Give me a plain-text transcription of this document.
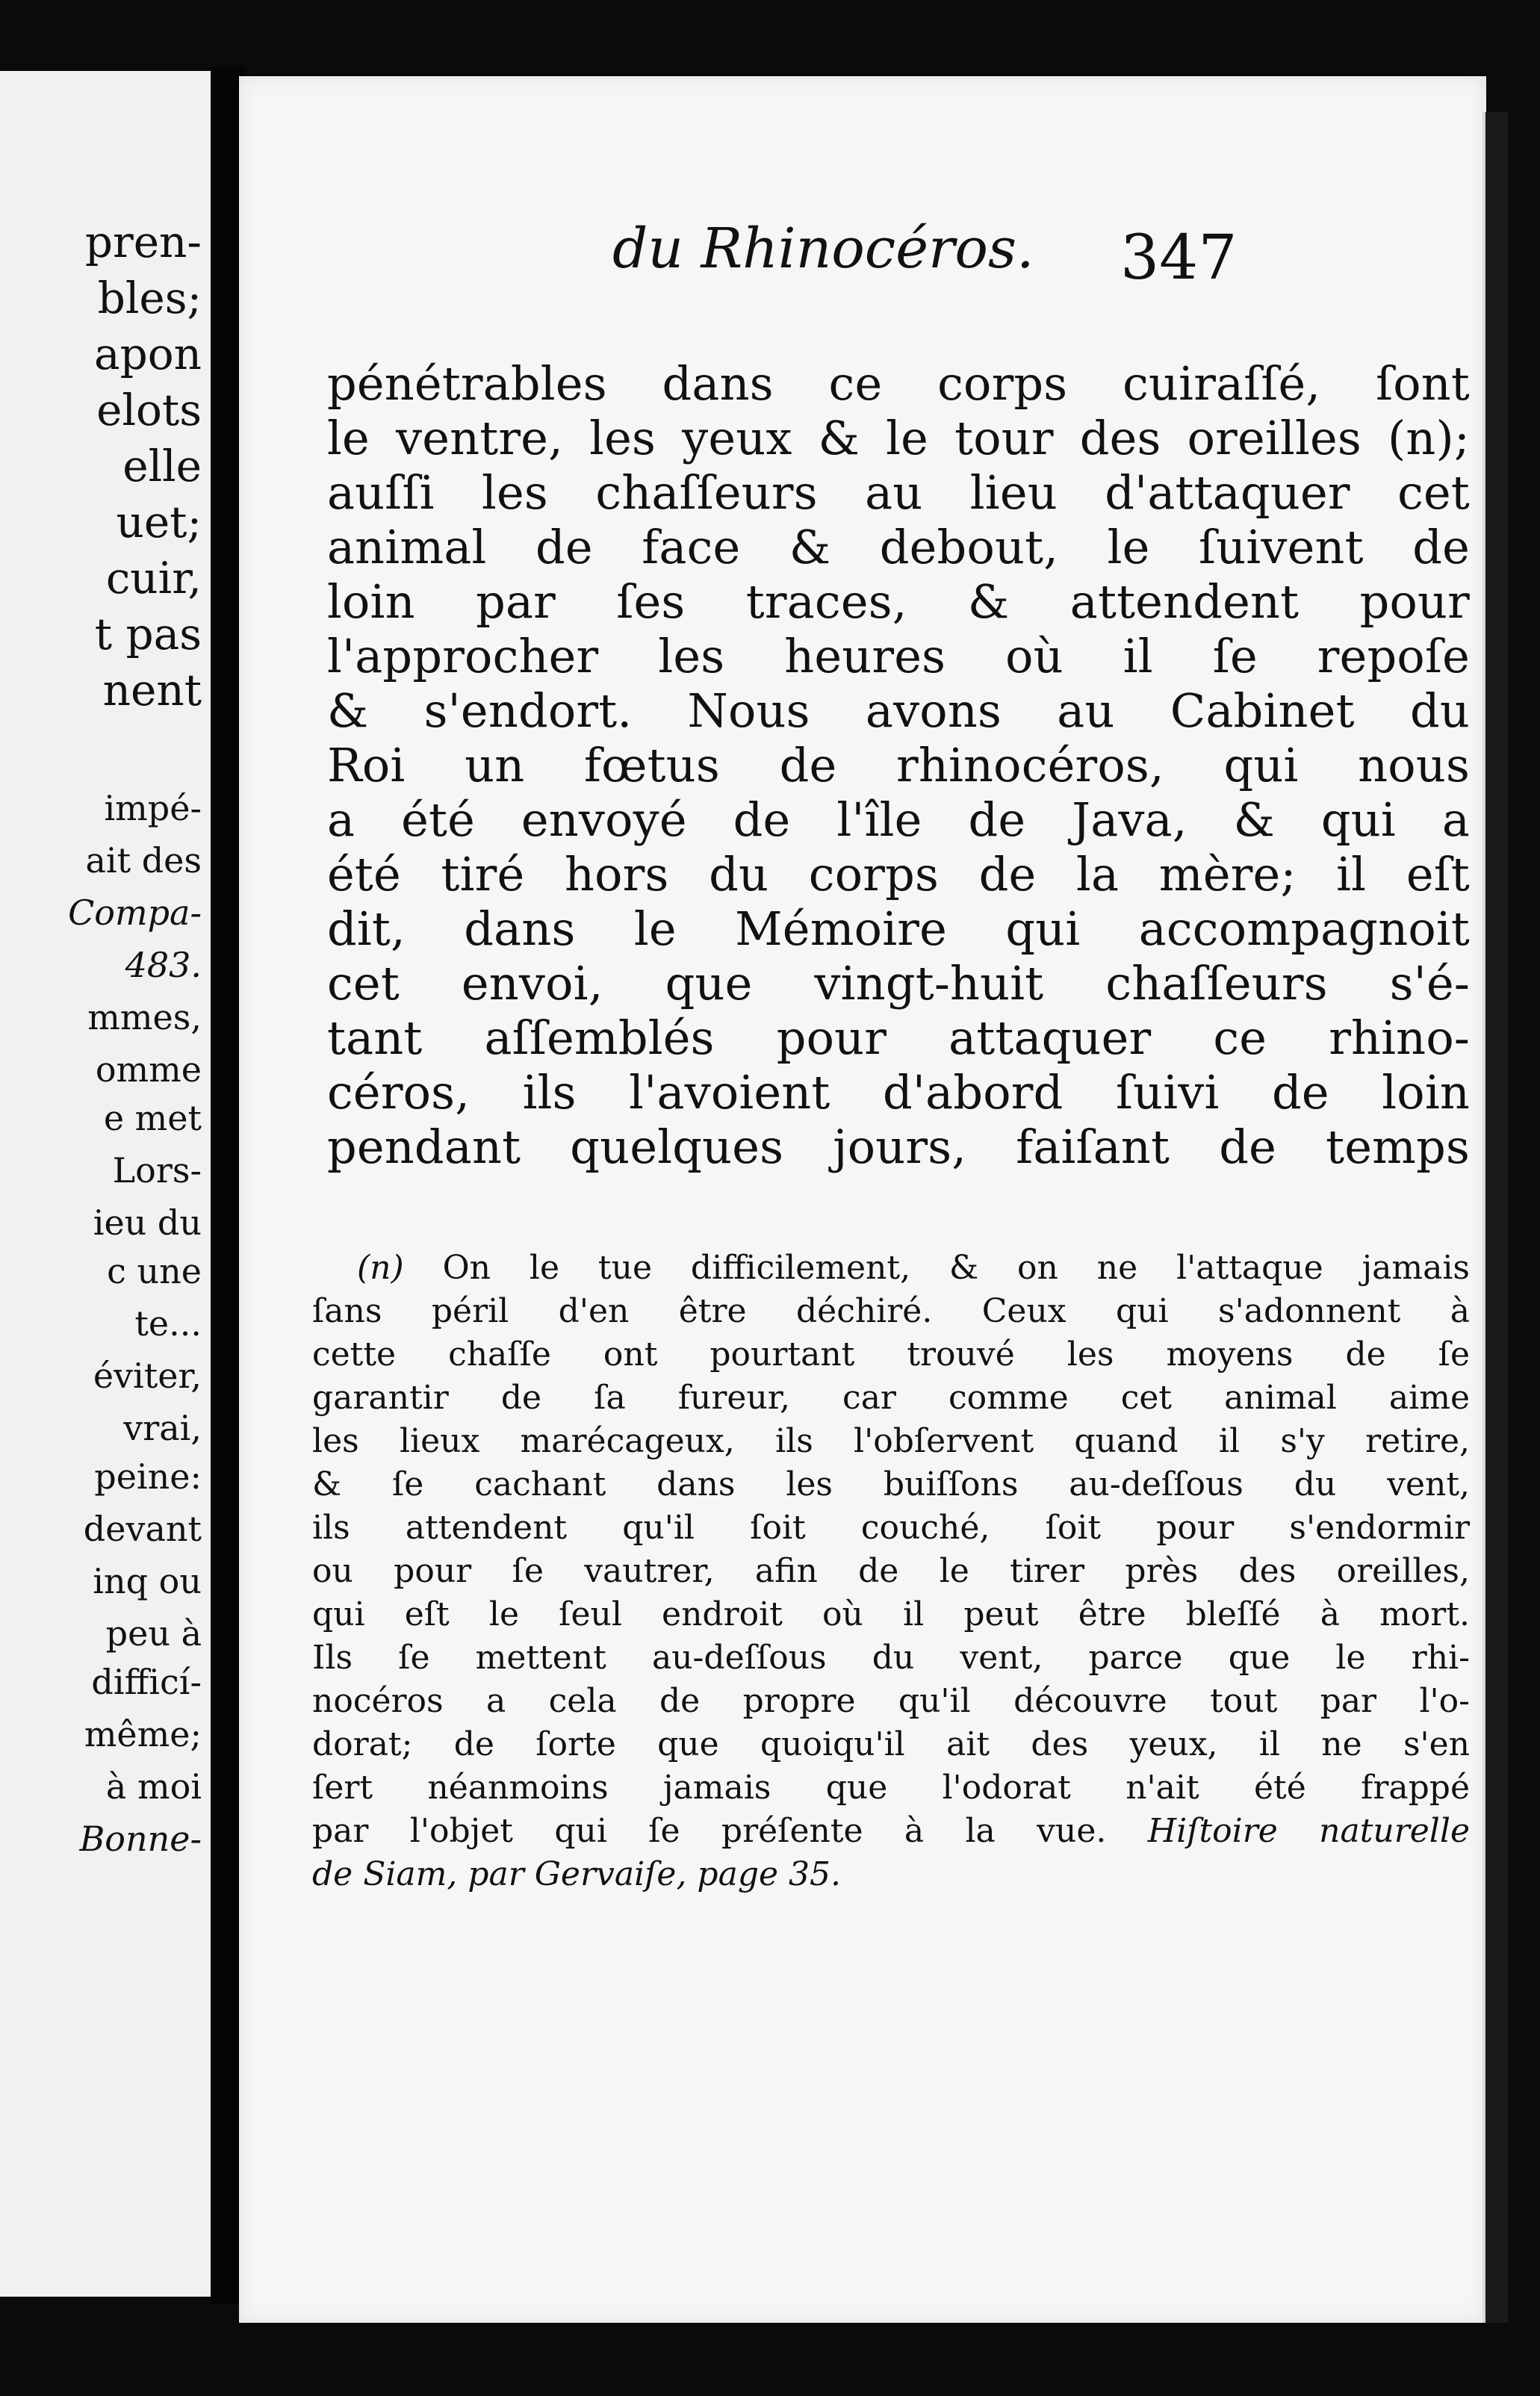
pren-
bles;
apon
elots
elle
uet;
cuir,
t pas
nent
impé-
ait des
Compa-
483.
mmes,
omme
e met
Lors-
ieu du
c une
te...
éviter,
vrai,
peine:
devant
inq ou
peu à
difficí-
même;
à moi
Bonne-
du Rhinocéros. 347
pénétrables dans ce corps cuiraſſé, ſont
le ventre, les yeux & le tour des oreilles (n);
auſſi les chaſſeurs au lieu d'attaquer cet
animal de face & debout, le ſuivent de
loin par ſes traces, & attendent pour
l'approcher les heures où il ſe repoſe
& s'endort. Nous avons au Cabinet du
Roi un fœtus de rhinocéros, qui nous
a été envoyé de l'île de Java, & qui a
été tiré hors du corps de la mère; il eſt
dit, dans le Mémoire qui accompagnoit
cet envoi, que vingt-huit chaſſeurs s'é-
tant aſſemblés pour attaquer ce rhino-
céros, ils l'avoient d'abord ſuivi de loin
pendant quelques jours, faiſant de temps
(n) On le tue difficilement, & on ne l'attaque jamais
ſans péril d'en être déchiré. Ceux qui s'adonnent à
cette chaſſe ont pourtant trouvé les moyens de ſe
garantir de ſa fureur, car comme cet animal aime
les lieux marécageux, ils l'obſervent quand il s'y retire,
& ſe cachant dans les buiſſons au-deſſous du vent,
ils attendent qu'il ſoit couché, ſoit pour s'endormir
ou pour ſe vautrer, afin de le tirer près des oreilles,
qui eſt le ſeul endroit où il peut être bleſſé à mort.
Ils ſe mettent au-deſſous du vent, parce que le rhi-
nocéros a cela de propre qu'il découvre tout par l'o-
dorat; de ſorte que quoiqu'il ait des yeux, il ne s'en
ſert néanmoins jamais que l'odorat n'ait été frappé
par l'objet qui ſe préſente à la vue. Hiſtoire naturelle
de Siam, par Gervaiſe, page 35.
